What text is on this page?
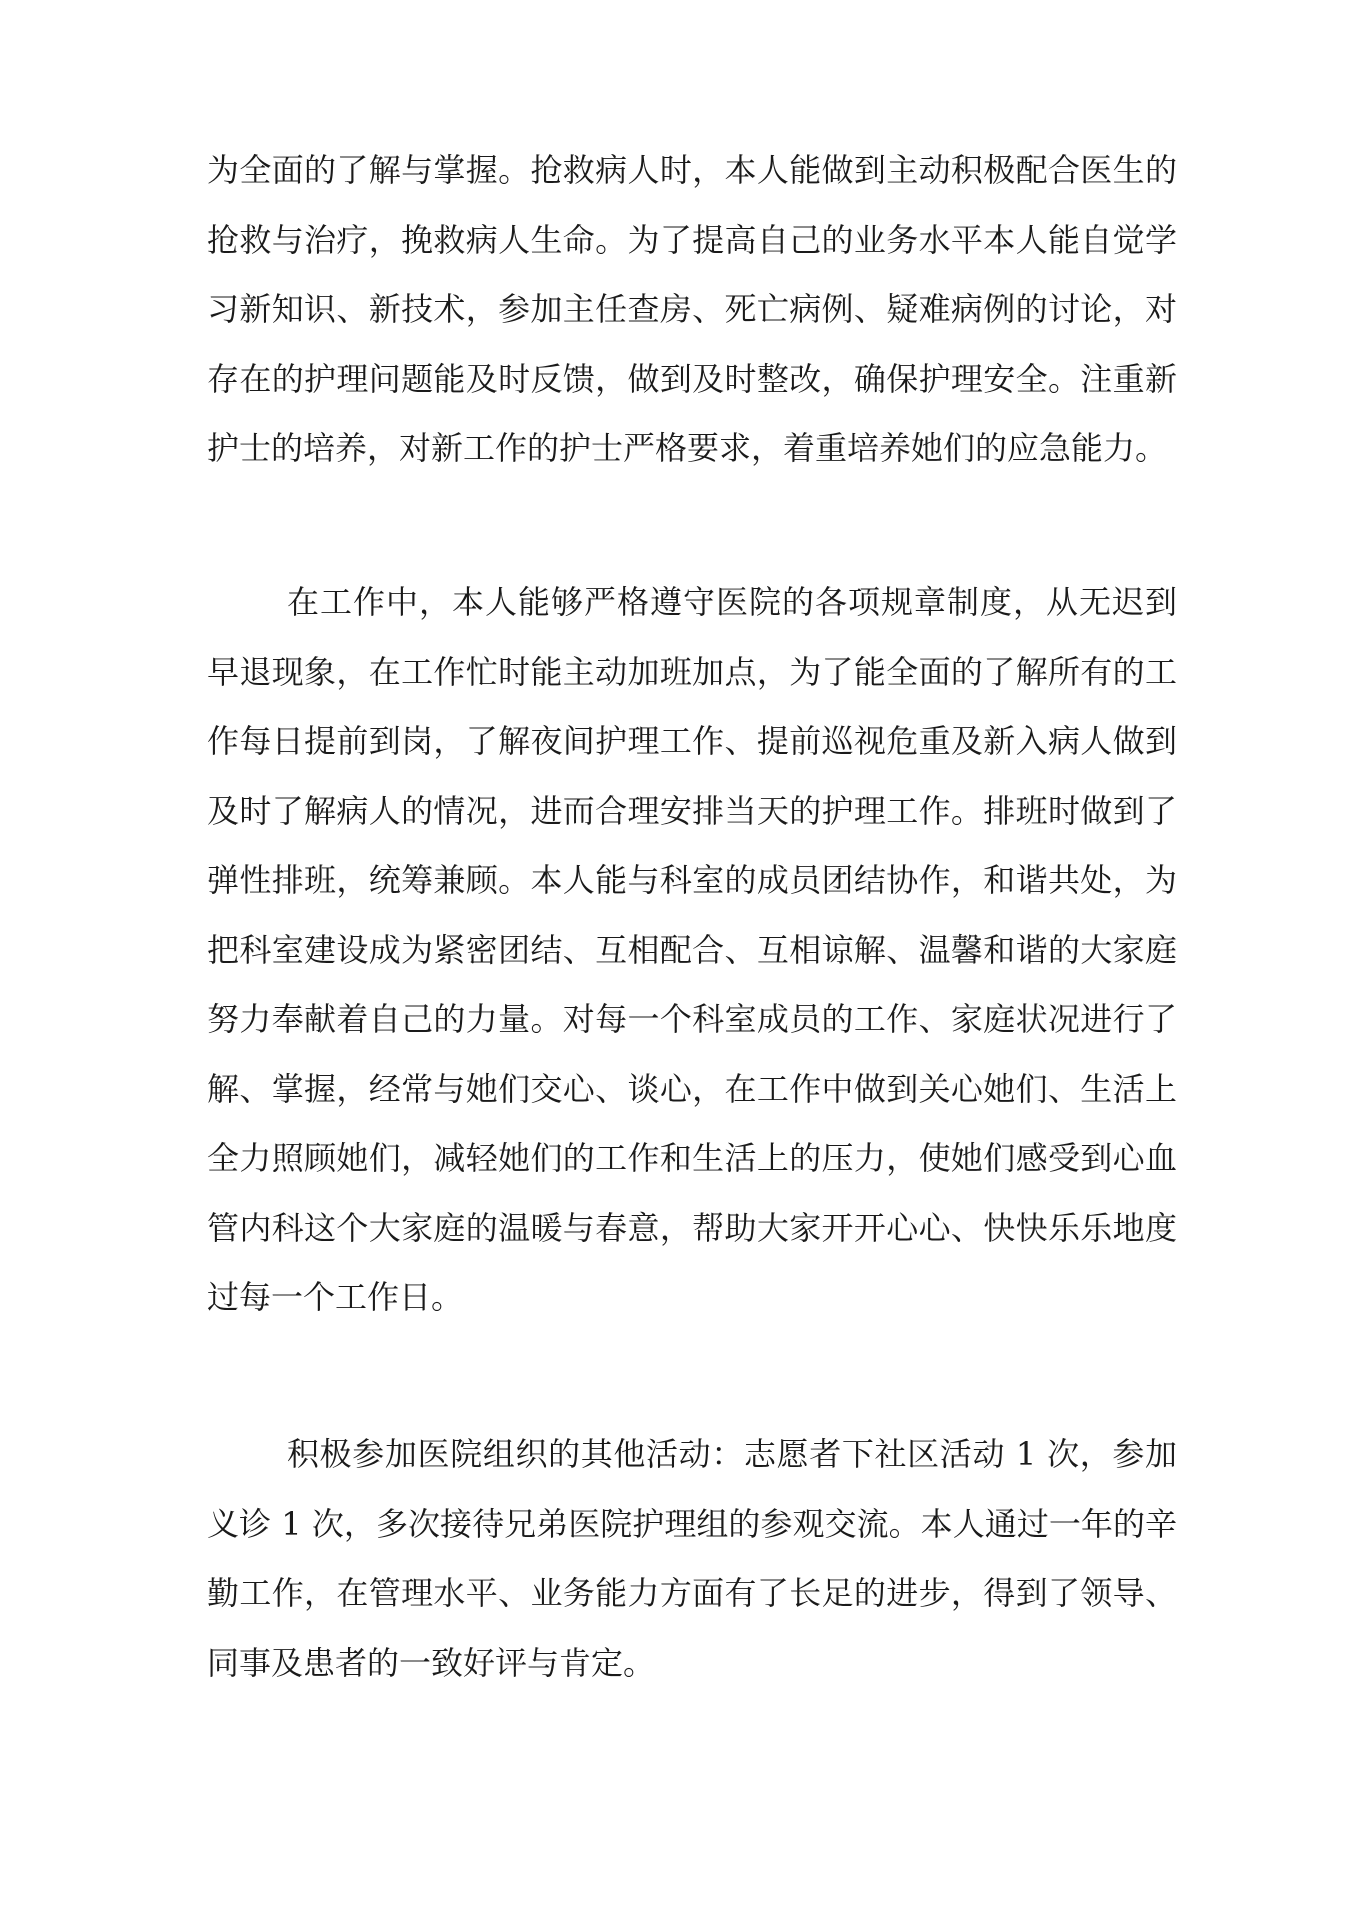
为全面的了解与掌握。抢救病人时，本人能做到主动积极配合医生的
抢救与治疗，挽救病人生命。为了提高自己的业务水平本人能自觉学
习新知识、新技术，参加主任查房、死亡病例、疑难病例的讨论，对
存在的护理问题能及时反馈，做到及时整改，确保护理安全。注重新
护士的培养，对新工作的护士严格要求，着重培养她们的应急能力。
在工作中，本人能够严格遵守医院的各项规章制度，从无迟到
早退现象，在工作忙时能主动加班加点，为了能全面的了解所有的工
作每日提前到岗，了解夜间护理工作、提前巡视危重及新入病人做到
及时了解病人的情况，进而合理安排当天的护理工作。排班时做到了
弹性排班，统筹兼顾。本人能与科室的成员团结协作，和谐共处，为
把科室建设成为紧密团结、互相配合、互相谅解、温馨和谐的大家庭
努力奉献着自己的力量。对每一个科室成员的工作、家庭状况进行了
解、掌握，经常与她们交心、谈心，在工作中做到关心她们、生活上
全力照顾她们，减轻她们的工作和生活上的压力，使她们感受到心血
管内科这个大家庭的温暖与春意，帮助大家开开心心、快快乐乐地度
过每一个工作日。
积极参加医院组织的其他活动：志愿者下社区活动 1 次，参加
义诊 1 次，多次接待兄弟医院护理组的参观交流。本人通过一年的辛
勤工作，在管理水平、业务能力方面有了长足的进步，得到了领导、
同事及患者的一致好评与肯定。
